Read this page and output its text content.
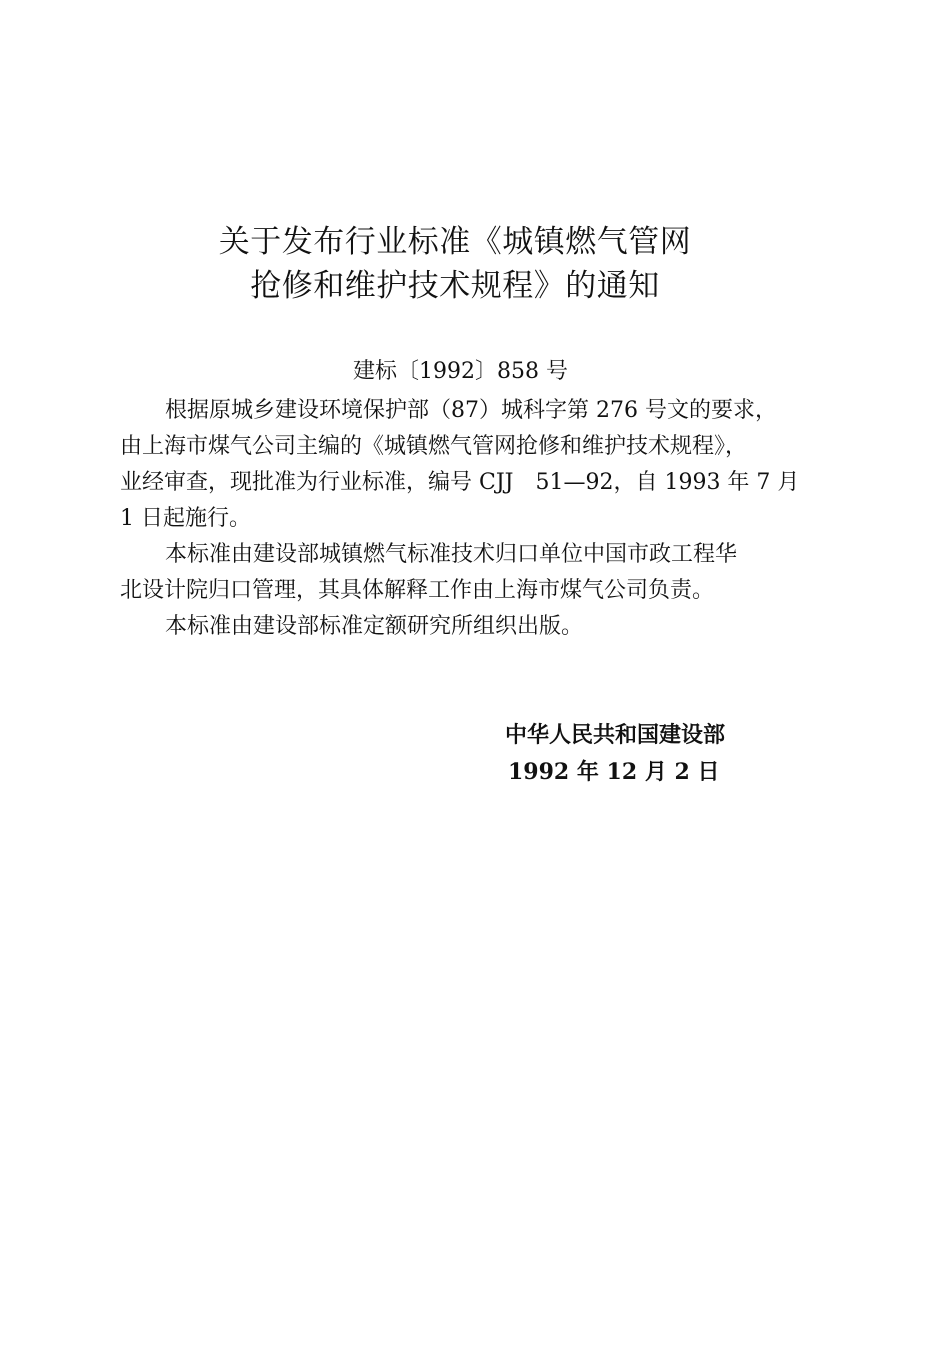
关于发布行业标准《城镇燃气管网
抢修和维护技术规程》的通知
建标〔1992〕858 号
根据原城乡建设环境保护部（87）城科字第 276 号文的要求，
由上海市煤气公司主编的《城镇燃气管网抢修和维护技术规程》，
业经审查，现批准为行业标准，编号 CJJ　51—92，自 1993 年 7 月
1 日起施行。
本标准由建设部城镇燃气标准技术归口单位中国市政工程华
北设计院归口管理，其具体解释工作由上海市煤气公司负责。
本标准由建设部标准定额研究所组织出版。
中华人民共和国建设部
1992 年 12 月 2 日
